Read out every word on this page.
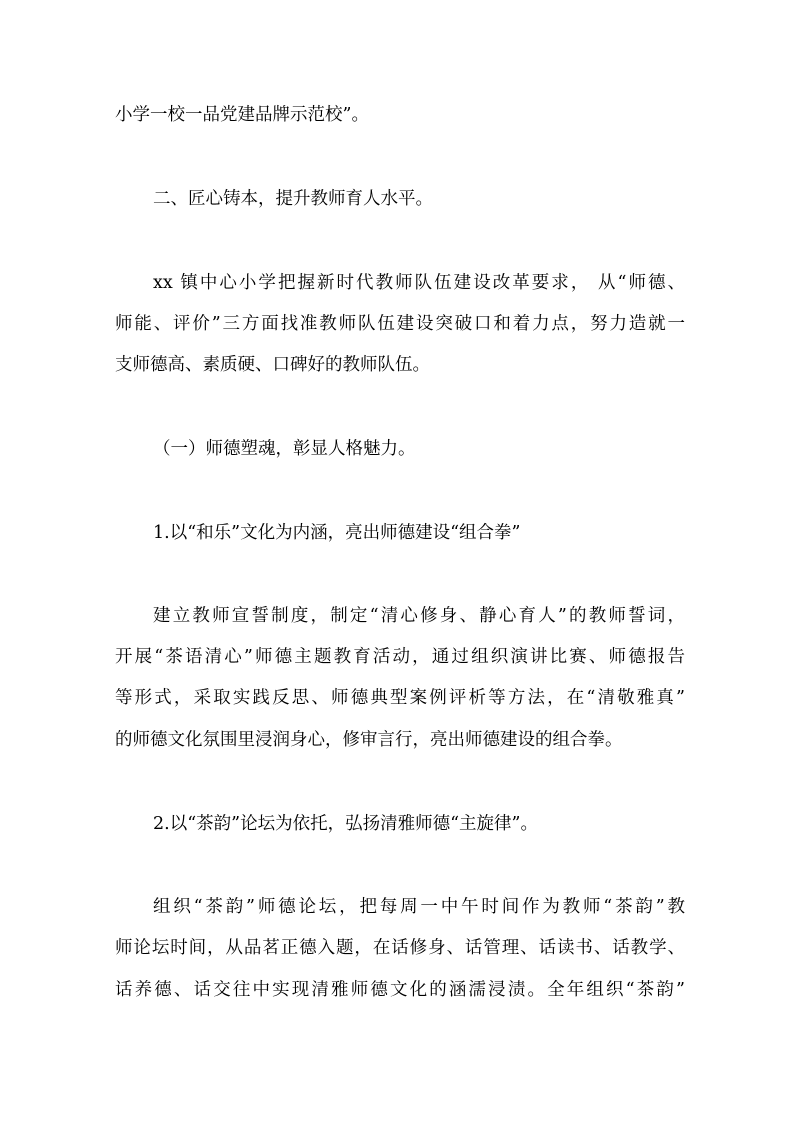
小学一校一品党建品牌示范校”。
二、匠心铸本，提升教师育人水平。
xx 镇中心小学把握新时代教师队伍建设改革要求， 从“师德、
师能、评价”三方面找准教师队伍建设突破口和着力点，努力造就一
支师德高、素质硬、口碑好的教师队伍。
（一）师德塑魂，彰显人格魅力。
1.以“和乐”文化为内涵，亮出师德建设“组合拳”
建立教师宣誓制度，制定“清心修身、静心育人”的教师誓词，
开展“茶语清心”师德主题教育活动，通过组织演讲比赛、师德报告
等形式，采取实践反思、师德典型案例评析等方法，在“清敬雅真”
的师德文化氛围里浸润身心，修审言行，亮出师德建设的组合拳。
2.以“茶韵”论坛为依托，弘扬清雅师德“主旋律”。
组织“茶韵”师德论坛，把每周一中午时间作为教师“茶韵”教
师论坛时间，从品茗正德入题，在话修身、话管理、话读书、话教学、
话养德、话交往中实现清雅师德文化的涵濡浸渍。全年组织“茶韵”
